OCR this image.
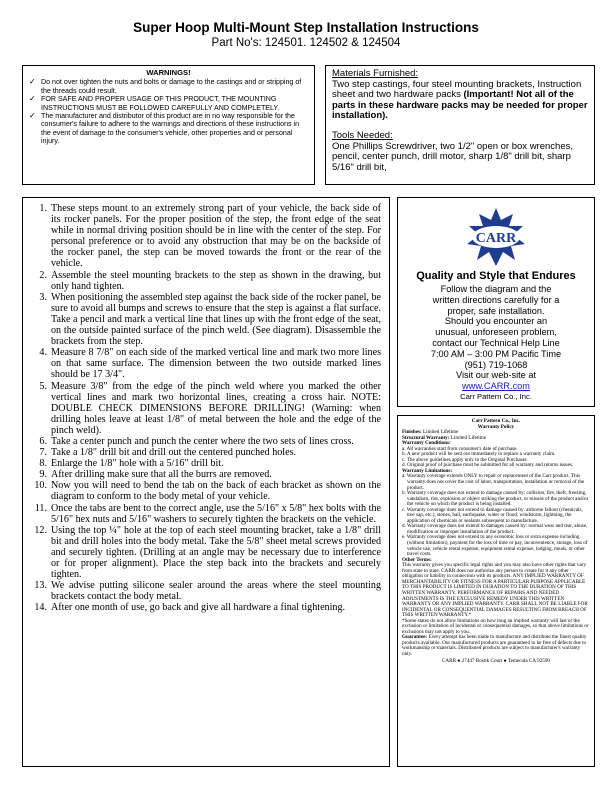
Super Hoop Multi-Mount Step Installation Instructions
Part No's: 124501. 124502 & 124504
WARNINGS!
✓ Do not over tighten the nuts and bolts or damage to the castings and or stripping of the threads could result.
✓ FOR SAFE AND PROPER USAGE OF THIS PRODUCT, THE MOUNTING INSTRUCTIONS MUST BE FOLLOWED CAREFULLY AND COMPLETELY.
✓ The manufacturer and distributor of this product are in no way responsible for the consumer's failure to adhere to the warnings and directions of these instructions in the event of damage to the consumer's vehicle, other properties and or personal injury.
Materials Furnished:
Two step castings, four steel mounting brackets, Instruction sheet and two hardware packs (Important! Not all of the parts in these hardware packs may be needed for proper installation).
Tools Needed:
One Phillips Screwdriver, two 1/2" open or box wrenches, pencil, center punch, drill motor, sharp 1/8" drill bit, sharp 5/16" drill bit,
1. These steps mount to an extremely strong part of your vehicle, the back side of its rocker panels. For the proper position of the step, the front edge of the seat while in normal driving position should be in line with the center of the step. For personal preference or to avoid any obstruction that may be on the backside of the rocker panel, the step can be moved towards the front or the rear of the vehicle.
2. Assemble the steel mounting brackets to the step as shown in the drawing, but only hand tighten.
3. When positioning the assembled step against the back side of the rocker panel, be sure to avoid all bumps and screws to ensure that the step is against a flat surface. Take a pencil and mark a vertical line that lines up with the front edge of the seat, on the outside painted surface of the pinch weld. (See diagram). Disassemble the brackets from the step.
4. Measure 8 7/8" on each side of the marked vertical line and mark two more lines on that same surface. The dimension between the two outside marked lines should be 17 3/4".
5. Measure 3/8" from the edge of the pinch weld where you marked the other vertical lines and mark two horizontal lines, creating a cross hair. NOTE: DOUBLE CHECK DIMENSIONS BEFORE DRILLING! (Warning: when drilling holes leave at least 1/8" of metal between the hole and the edge of the pinch weld).
6. Take a center punch and punch the center where the two sets of lines cross.
7. Take a 1/8" drill bit and drill out the centered punched holes.
8. Enlarge the 1/8" hole with a 5/16" drill bit.
9. After drilling make sure that all the burrs are removed.
10. Now you will need to bend the tab on the back of each bracket as shown on the diagram to conform to the body metal of your vehicle.
11. Once the tabs are bent to the correct angle, use the 5/16" x 5/8" hex bolts with the 5/16" hex nuts and 5/16" washers to securely tighten the brackets on the vehicle.
12. Using the top ¼" hole at the top of each steel mounting bracket, take a 1/8" drill bit and drill holes into the body metal. Take the 5/8" sheet metal screws provided and securely tighten. (Drilling at an angle may be necessary due to interference or for proper alignment). Place the step back into the brackets and securely tighten.
13. We advise putting silicone sealer around the areas where the steel mounting brackets contact the body metal.
14. After one month of use, go back and give all hardware a final tightening.
CARR
Quality and Style that Endures
Follow the diagram and the
written directions carefully for a
proper, safe installation.
Should you encounter an
unusual, unforeseen problem,
contact our Technical Help Line
7:00 AM – 3:00 PM Pacific Time
(951) 719-1068
Visit our web-site at
www.CARR.com
Carr Pattern Co., Inc.
Carr Pattern Co., Inc.
Warranty Policy
Finishes: Limited Lifetime
Structural Warranty: Limited Lifetime
Warranty Conditions:
a. All warranties start from consumer's date of purchase.
b. A new product will be sent out immediately to replace a warranty claim.
c. The above guidelines apply only to the Original Purchaser.
d. Original proof of purchase must be submitted for all warranty and returns issues.
Warranty Limitations:
a. Warranty coverage extends ONLY to repair or replacement of the Carr product. This warranty does not cover the cost of labor, transportation, installation or removal of the product.
b. Warranty coverage does not extend to damage caused by: collision, fire, theft, freezing, vandalism, riot, explosion or object striking the product, or misuse of the product and/or the vehicle on which the product is being installed.
c. Warranty coverage does not extend to damage caused by: airborne fallout (chemicals, tree sap, etc.), stones, hail, earthquake, water or flood, windstorm, lightning, the application of chemicals or sealants subsequent to manufacture.
d. Warranty coverage does not extend to damages caused by: normal wear and tear, abuse, modification or improper installation of the product.
e. Warranty coverage does not extend to any economic loss or extra expense including (without limitation), payment for the loss of time or pay, inconvenience, storage, loss of vehicle use, vehicle rental expense, equipment rental expense, lodging, meals, or other travel costs.
Other Terms:
This warranty gives you specific legal rights and you may also have other rights that vary from state to state. CARR does not authorize any person to create for it any other obligation or liability in connection with its products. ANY IMPLIED WARRANTY OF MERCHANTABILITY OR FITNESS FOR A PARTICULAR PURPOSE APPLICABLE TO THIS PRODUCT IS LIMITED IN DURATION TO THE DURATION OF THIS WRITTEN WARRANTY. PERFORMANCE OF REPAIRS AND NEEDED ADJUSTMENTS IS THE EXCLUSIVE REMEDY UNDER THIS WRITTEN WARRANTY OR ANY IMPLIED WARRANTY. CARR SHALL NOT BE LIABLE FOR INCIDENTAL OR CONSEQUENTIAL DAMAGES RESULTING FROM BREACH OF THIS WRITTEN WARRANTY.*
*Some states do not allow limitations on how long an implied warranty will last or the exclusion or limitation of incidental or consequential damages, so that above limitations or exclusions may not apply to you.
Guarantee: Every attempt has been made to manufacture and distribute the finest quality products available. Our manufactured products are guaranteed to be free of defects due to workmanship or materials. Distributed products are subject to manufacturer's warranty only.
CARR ● 27447 Bostik Court ● Temecula CA 92590
